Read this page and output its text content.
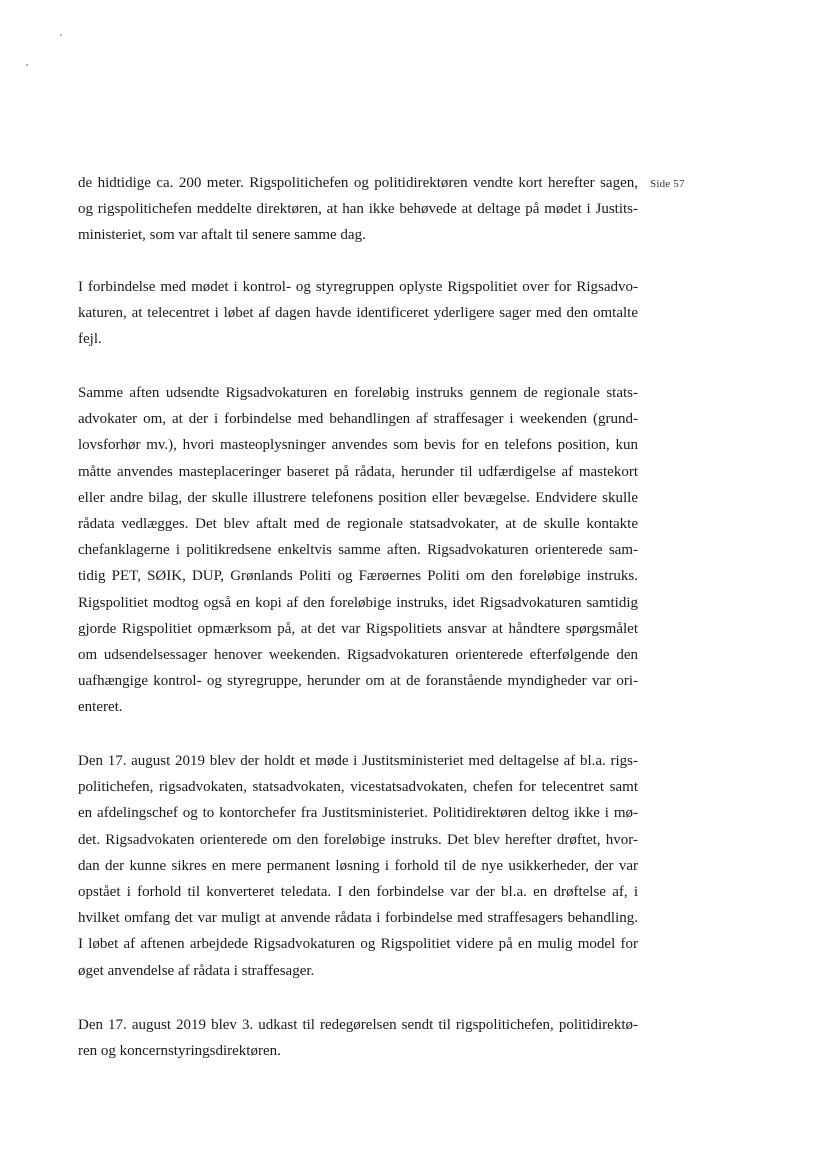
Side 57
de hidtidige ca. 200 meter. Rigspolitichefen og politidirektøren vendte kort herefter sagen,
og rigspolitichefen meddelte direktøren, at han ikke behøvede at deltage på mødet i Justits-
ministeriet, som var aftalt til senere samme dag.
I forbindelse med mødet i kontrol- og styregruppen oplyste Rigspolitiet over for Rigsadvo-
katuren, at telecentret i løbet af dagen havde identificeret yderligere sager med den omtalte
fejl.
Samme aften udsendte Rigsadvokaturen en foreløbig instruks gennem de regionale stats-
advokater om, at der i forbindelse med behandlingen af straffesager i weekenden (grund-
lovsforhør mv.), hvori masteoplysninger anvendes som bevis for en telefons position, kun
måtte anvendes masteplaceringer baseret på rådata, herunder til udfærdigelse af mastekort
eller andre bilag, der skulle illustrere telefonens position eller bevægelse. Endvidere skulle
rådata vedlægges. Det blev aftalt med de regionale statsadvokater, at de skulle kontakte
chefanklagerne i politikredsene enkeltvis samme aften. Rigsadvokaturen orienterede sam-
tidig PET, SØIK, DUP, Grønlands Politi og Færøernes Politi om den foreløbige instruks.
Rigspolitiet modtog også en kopi af den foreløbige instruks, idet Rigsadvokaturen samtidig
gjorde Rigspolitiet opmærksom på, at det var Rigspolitiets ansvar at håndtere spørgsmålet
om udsendelsessager henover weekenden. Rigsadvokaturen orienterede efterfølgende den
uafhængige kontrol- og styregruppe, herunder om at de foranstående myndigheder var ori-
enteret.
Den 17. august 2019 blev der holdt et møde i Justitsministeriet med deltagelse af bl.a. rigs-
politichefen, rigsadvokaten, statsadvokaten, vicestatsadvokaten, chefen for telecentret samt
en afdelingschef og to kontorchefer fra Justitsministeriet. Politidirektøren deltog ikke i mø-
det. Rigsadvokaten orienterede om den foreløbige instruks. Det blev herefter drøftet, hvor-
dan der kunne sikres en mere permanent løsning i forhold til de nye usikkerheder, der var
opstået i forhold til konverteret teledata. I den forbindelse var der bl.a. en drøftelse af, i
hvilket omfang det var muligt at anvende rådata i forbindelse med straffesagers behandling.
I løbet af aftenen arbejdede Rigsadvokaturen og Rigspolitiet videre på en mulig model for
øget anvendelse af rådata i straffesager.
Den 17. august 2019 blev 3. udkast til redegørelsen sendt til rigspolitichefen, politidirektø-
ren og koncernstyringsdirektøren.
